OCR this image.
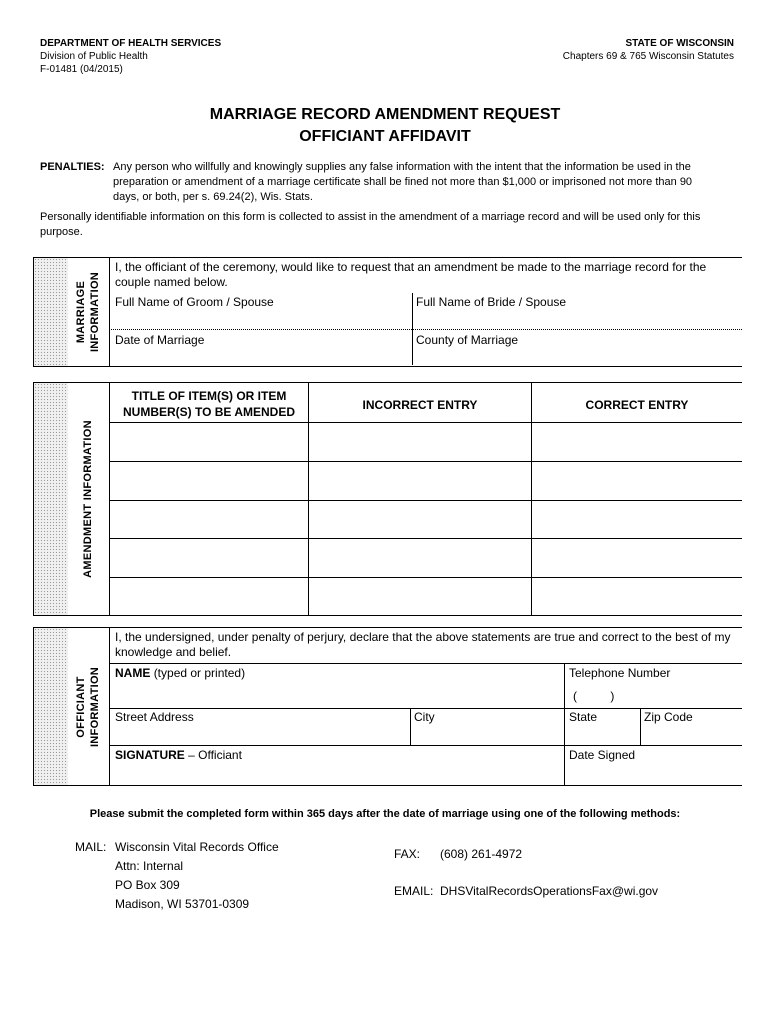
DEPARTMENT OF HEALTH SERVICES
Division of Public Health
F-01481 (04/2015)
STATE OF WISCONSIN
Chapters 69 & 765 Wisconsin Statutes
MARRIAGE RECORD AMENDMENT REQUEST
OFFICIANT AFFIDAVIT
PENALTIES: Any person who willfully and knowingly supplies any false information with the intent that the information be used in the preparation or amendment of a marriage certificate shall be fined not more than $1,000 or imprisoned not more than 90 days, or both, per s. 69.24(2), Wis. Stats.
Personally identifiable information on this form is collected to assist in the amendment of a marriage record and will be used only for this purpose.
MARRIAGE INFORMATION
I, the officiant of the ceremony, would like to request that an amendment be made to the marriage record for the couple named below.
Full Name of Groom / Spouse	Full Name of Bride / Spouse
Date of Marriage	County of Marriage
AMENDMENT INFORMATION
TITLE OF ITEM(S) OR ITEM NUMBER(S) TO BE AMENDED	INCORRECT ENTRY	CORRECT ENTRY
OFFICIANT INFORMATION
I, the undersigned, under penalty of perjury, declare that the above statements are true and correct to the best of my knowledge and belief.
NAME (typed or printed)	Telephone Number
(          )
Street Address	City	State	Zip Code
SIGNATURE – Officiant	Date Signed
Please submit the completed form within 365 days after the date of marriage using one of the following methods:
MAIL: Wisconsin Vital Records Office
Attn: Internal
PO Box 309
Madison, WI 53701-0309
FAX: (608) 261-4972
EMAIL: DHSVitalRecordsOperationsFax@wi.gov
